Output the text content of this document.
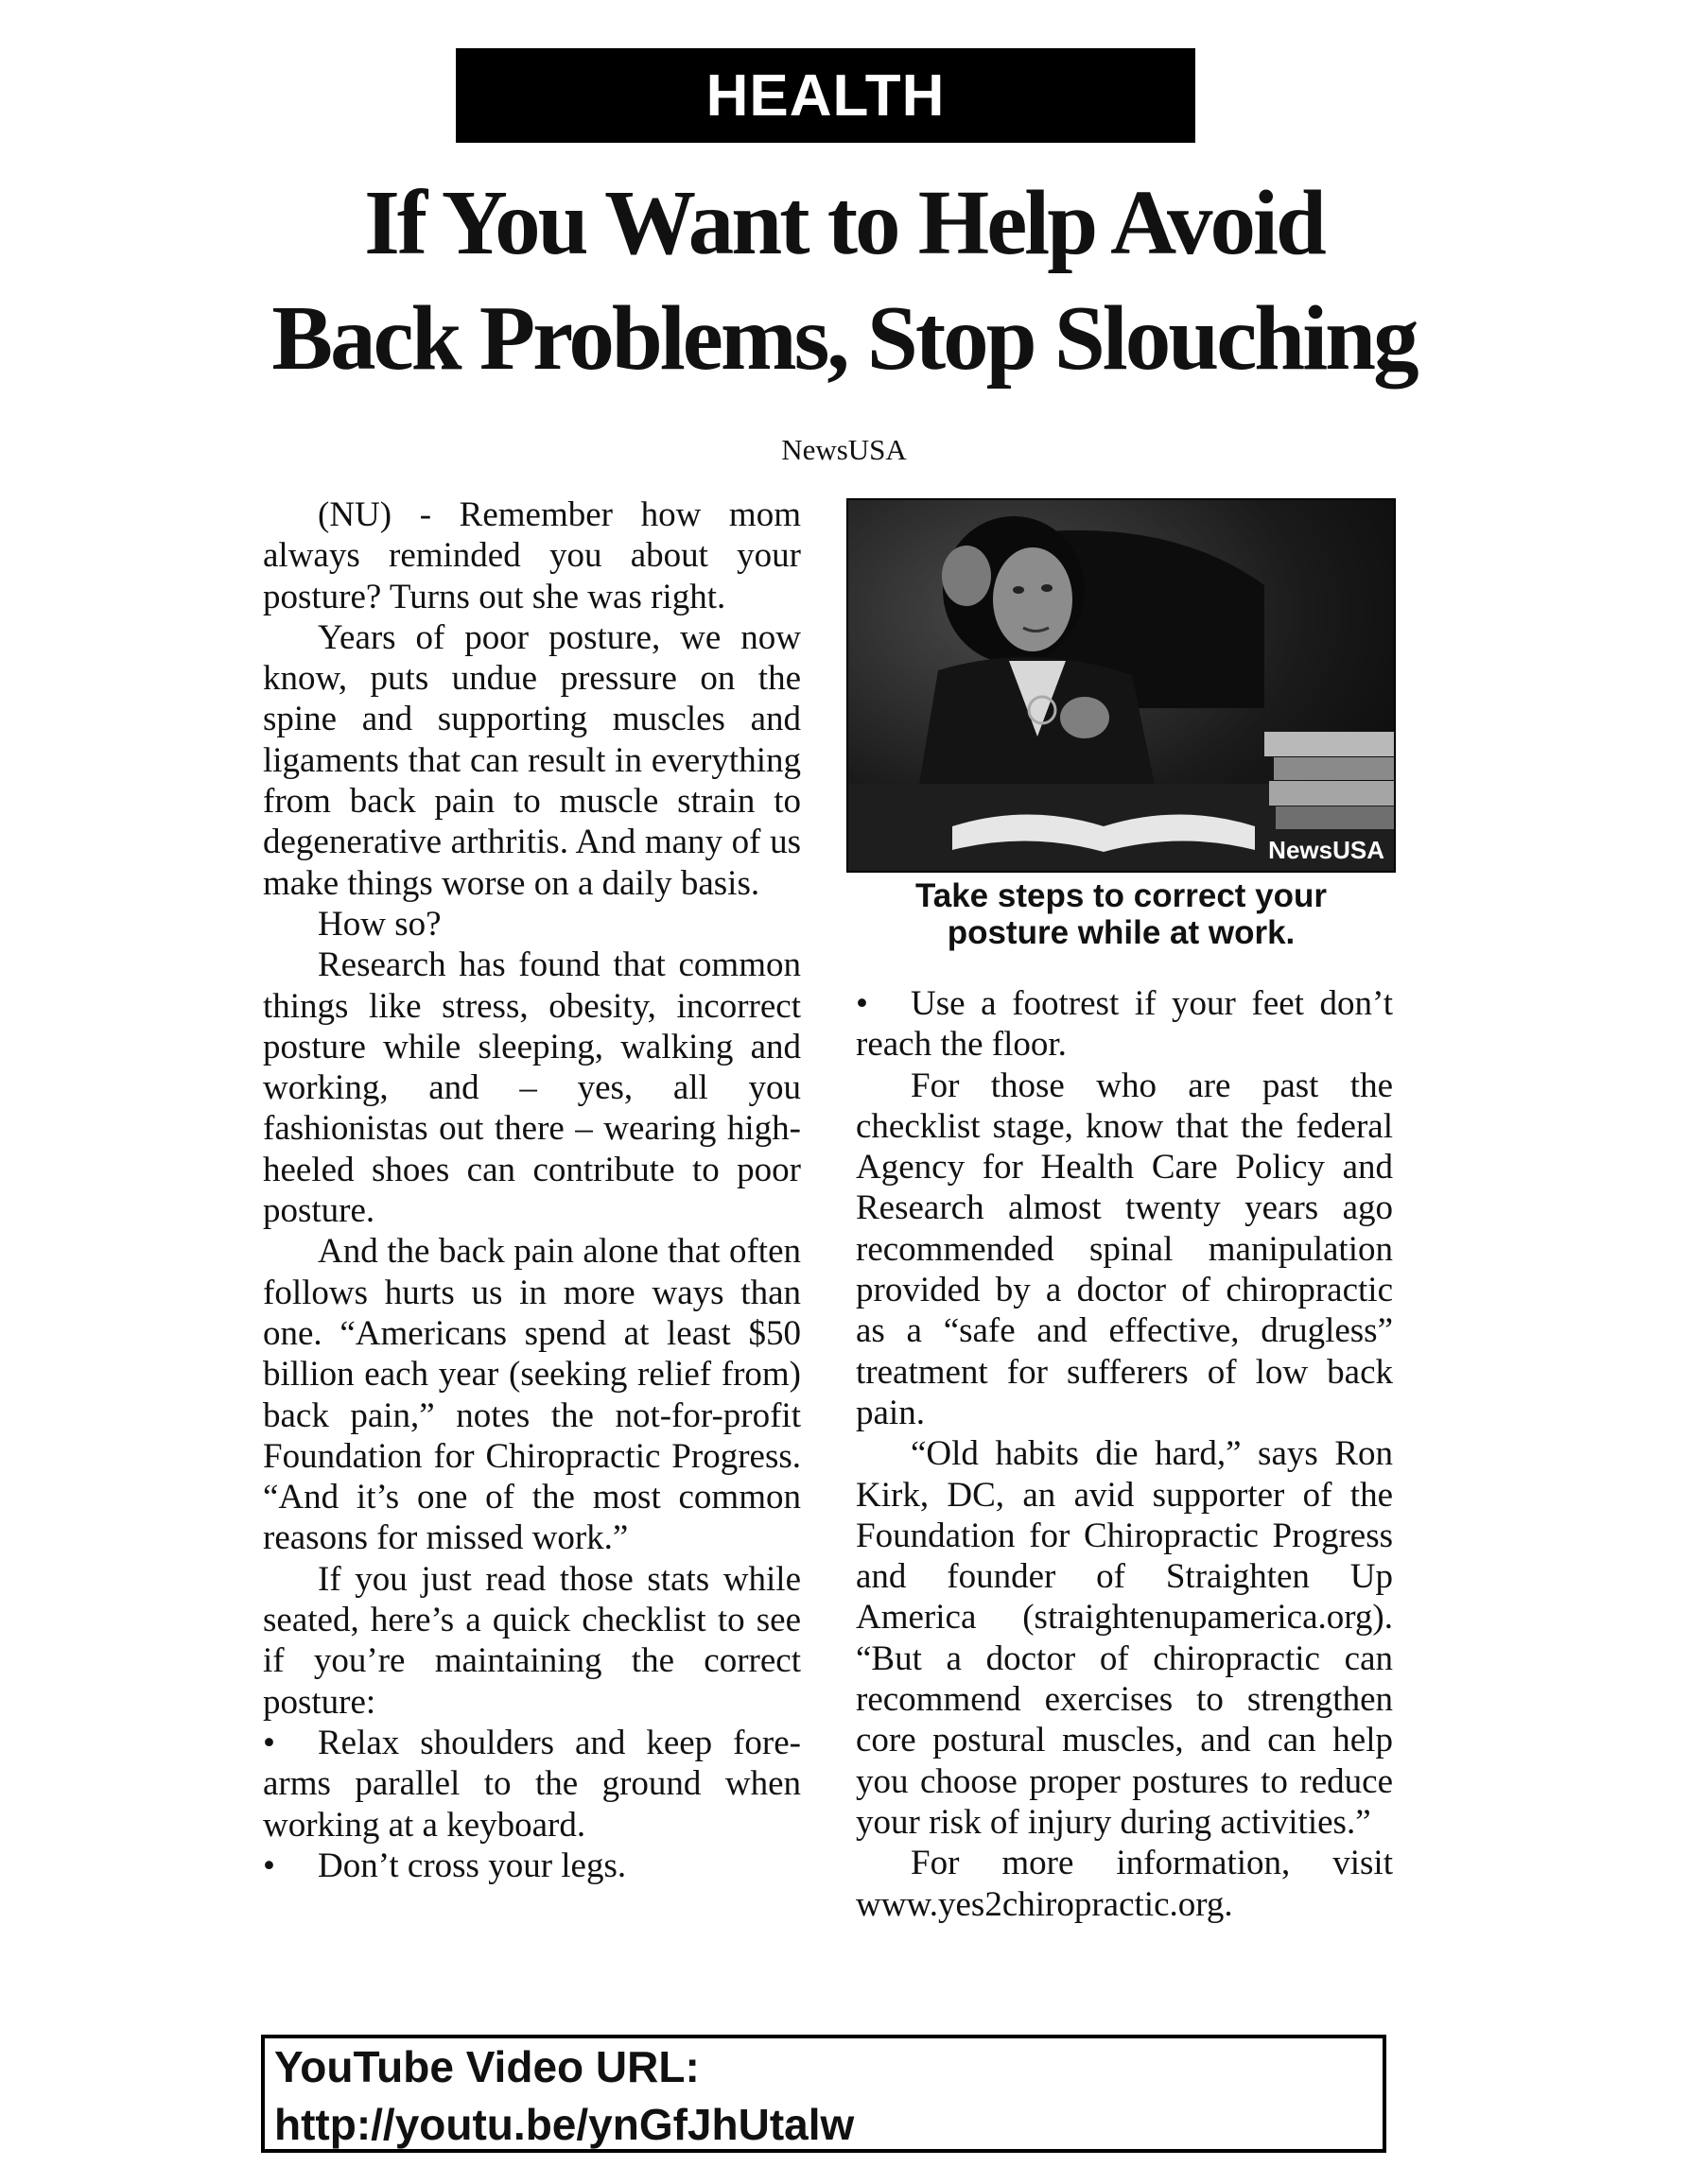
HEALTH
If You Want to Help Avoid
Back Problems, Stop Slouching
NewsUSA

(NU) - Remember how mom always reminded you about your posture? Turns out she was right.

Years of poor posture, we now know, puts undue pressure on the spine and supporting muscles and ligaments that can result in everything from back pain to muscle strain to degenerative arthritis. And many of us make things worse on a daily basis.

How so?

Research has found that common things like stress, obesity, incorrect posture while sleeping, walking and working, and – yes, all you fashionistas out there – wearing high-heeled shoes can contribute to poor posture.

And the back pain alone that often follows hurts us in more ways than one. “Americans spend at least $50 billion each year (seeking relief from) back pain,” notes the not-for-profit Foundation for Chiropractic Progress. “And it’s one of the most common reasons for missed work.”

If you just read those stats while seated, here’s a quick checklist to see if you’re maintaining the correct posture:

• Relax shoulders and keep forearms parallel to the ground when working at a keyboard.

• Don’t cross your legs.

NewsUSA
Take steps to correct your
posture while at work.

• Use a footrest if your feet don’t reach the floor.

For those who are past the checklist stage, know that the federal Agency for Health Care Policy and Research almost twenty years ago recommended spinal manipulation provided by a doctor of chiropractic as a “safe and effective, drugless” treatment for sufferers of low back pain.

“Old habits die hard,” says Ron Kirk, DC, an avid supporter of the Foundation for Chiropractic Progress and founder of Straighten Up America (straightenupamerica.org). “But a doctor of chiropractic can recommend exercises to strengthen core postural muscles, and can help you choose proper postures to reduce your risk of injury during activities.”

For more information, visit www.yes2chiropractic.org.

YouTube Video URL:
http://youtu.be/ynGfJhUtalw
